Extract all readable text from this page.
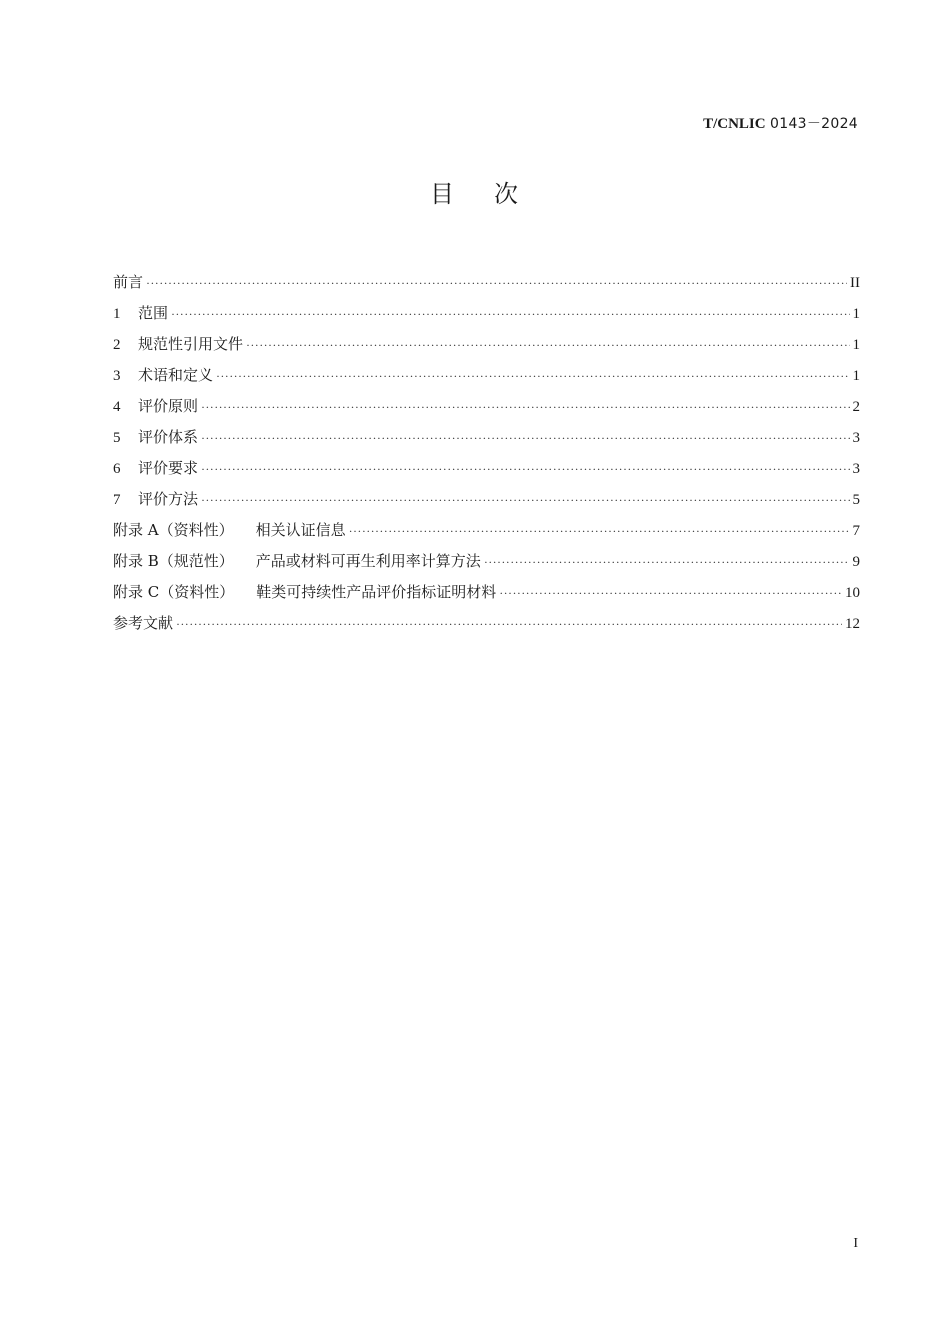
T/CNLIC 0143－2024
目 次
前言 ·····	II
1	范围 ·····	1
2	规范性引用文件 ·····	1
3	术语和定义 ·····	1
4	评价原则 ·····	2
5	评价体系 ·····	3
6	评价要求 ·····	3
7	评价方法 ·····	5
附录 A（资料性） 相关认证信息 ·····	7
附录 B（规范性） 产品或材料可再生利用率计算方法 ·····	9
附录 C（资料性） 鞋类可持续性产品评价指标证明材料 ·····	10
参考文献 ·····	12
I
